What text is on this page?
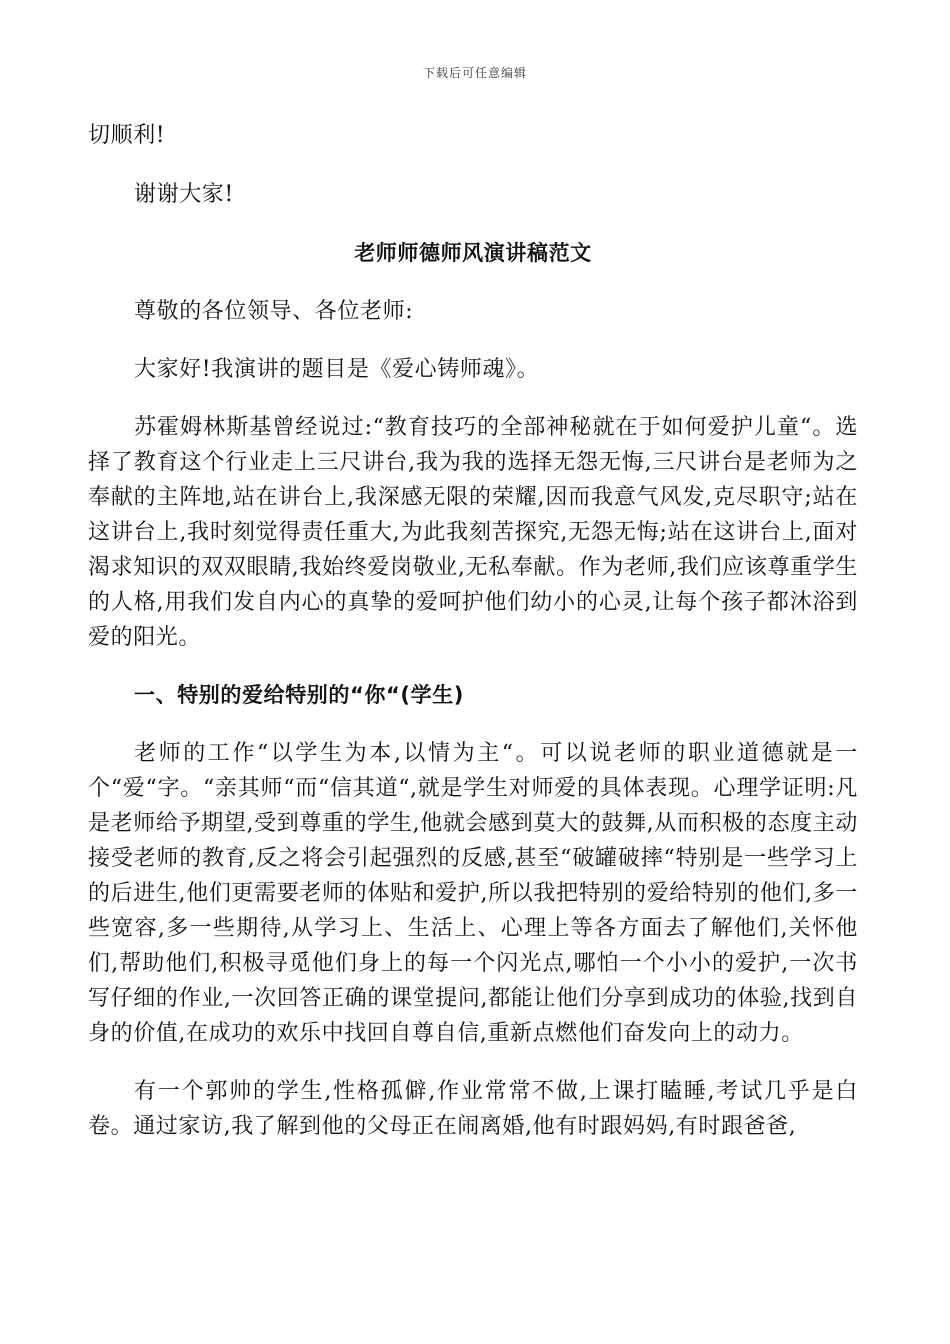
下载后可任意编辑

切顺利!

谢谢大家!

老师师德师风演讲稿范文

尊敬的各位领导、各位老师:

大家好!我演讲的题目是《爱心铸师魂》。

苏霍姆林斯基曾经说过:“教育技巧的全部神秘就在于如何爱护儿童“。选择了教育这个行业走上三尺讲台,我为我的选择无怨无悔,三尺讲台是老师为之奉献的主阵地,站在讲台上,我深感无限的荣耀,因而我意气风发,克尽职守;站在这讲台上,我时刻觉得责任重大,为此我刻苦探究,无怨无悔;站在这讲台上,面对渴求知识的双双眼睛,我始终爱岗敬业,无私奉献。作为老师,我们应该尊重学生的人格,用我们发自内心的真挚的爱呵护他们幼小的心灵,让每个孩子都沐浴到爱的阳光。

一、特别的爱给特别的“你“(学生)

老师的工作“以学生为本,以情为主“。可以说老师的职业道德就是一个“爱“字。“亲其师“而“信其道“,就是学生对师爱的具体表现。心理学证明:凡是老师给予期望,受到尊重的学生,他就会感到莫大的鼓舞,从而积极的态度主动接受老师的教育,反之将会引起强烈的反感,甚至“破罐破摔“特别是一些学习上的后进生,他们更需要老师的体贴和爱护,所以我把特别的爱给特别的他们,多一些宽容,多一些期待,从学习上、生活上、心理上等各方面去了解他们,关怀他们,帮助他们,积极寻觅他们身上的每一个闪光点,哪怕一个小小的爱护,一次书写仔细的作业,一次回答正确的课堂提问,都能让他们分享到成功的体验,找到自身的价值,在成功的欢乐中找回自尊自信,重新点燃他们奋发向上的动力。

有一个郭帅的学生,性格孤僻,作业常常不做,上课打瞌睡,考试几乎是白卷。通过家访,我了解到他的父母正在闹离婚,他有时跟妈妈,有时跟爸爸,
